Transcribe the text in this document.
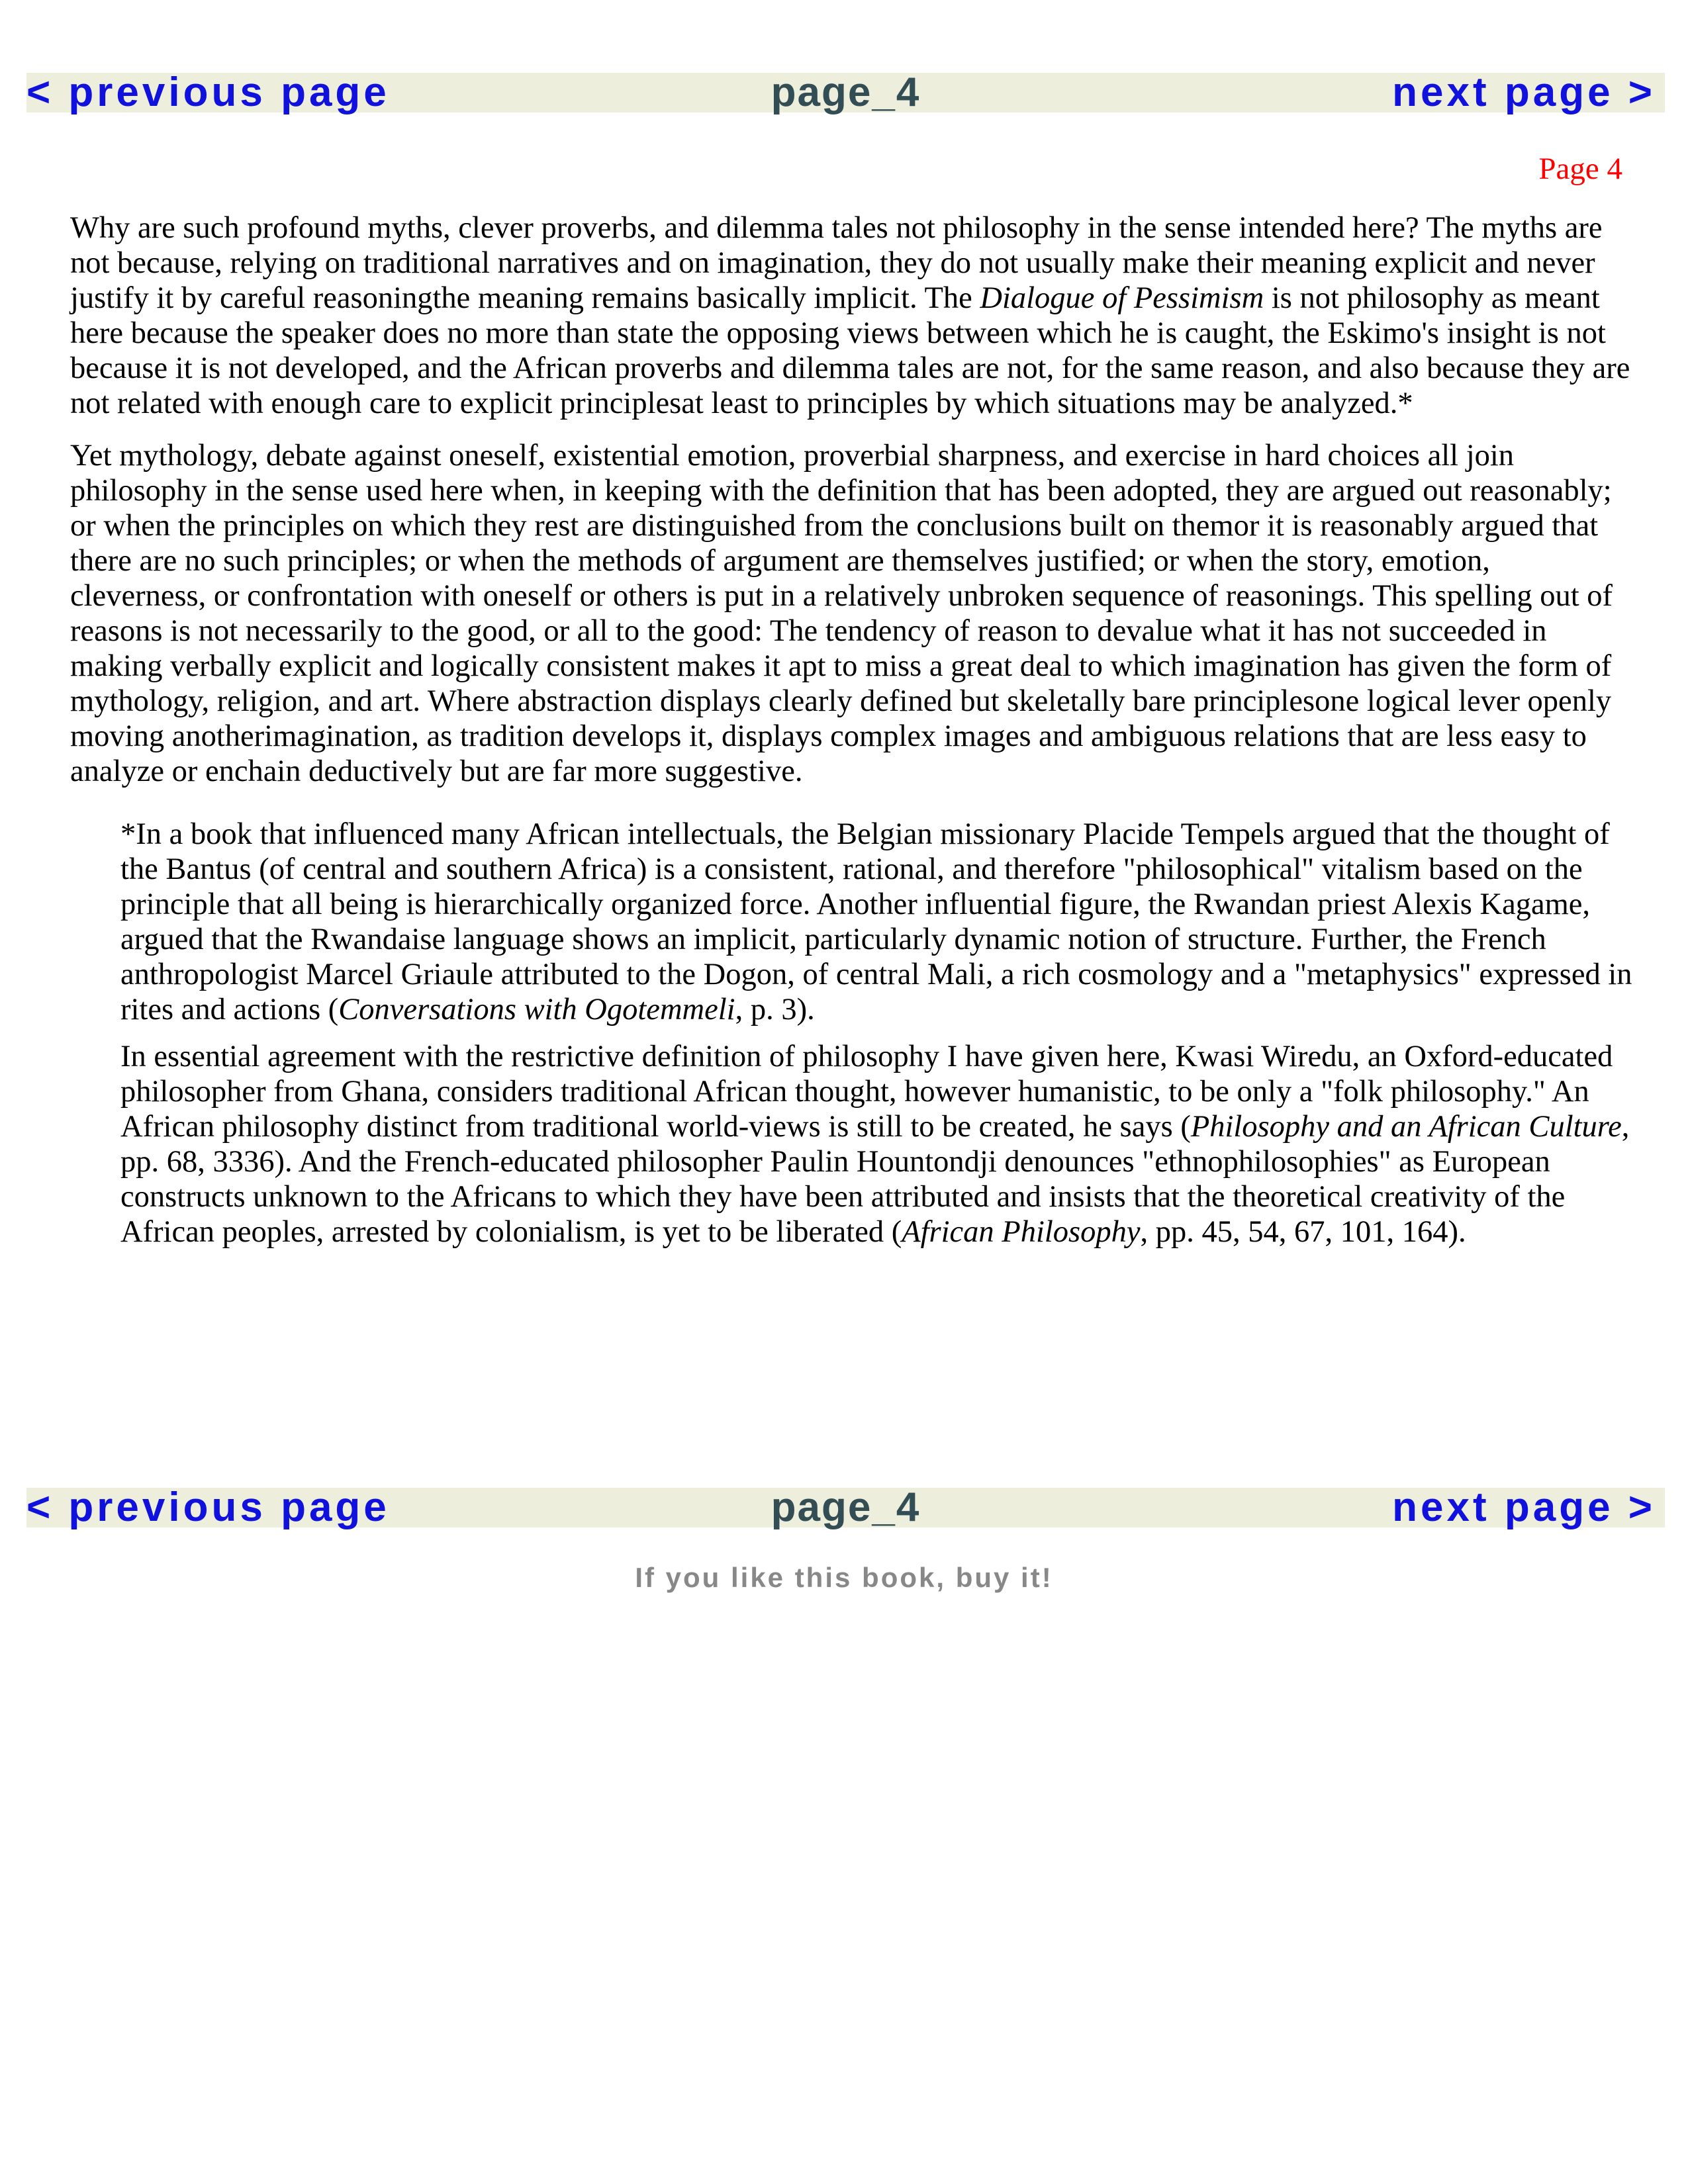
< previous page	page_4	next page >
Page 4

Why are such profound myths, clever proverbs, and dilemma tales not philosophy in the sense intended here? The myths are not because, relying on traditional narratives and on imagination, they do not usually make their meaning explicit and never justify it by careful reasoningthe meaning remains basically implicit. The Dialogue of Pessimism is not philosophy as meant here because the speaker does no more than state the opposing views between which he is caught, the Eskimo's insight is not because it is not developed, and the African proverbs and dilemma tales are not, for the same reason, and also because they are not related with enough care to explicit principlesat least to principles by which situations may be analyzed.*

Yet mythology, debate against oneself, existential emotion, proverbial sharpness, and exercise in hard choices all join philosophy in the sense used here when, in keeping with the definition that has been adopted, they are argued out reasonably; or when the principles on which they rest are distinguished from the conclusions built on themor it is reasonably argued that there are no such principles; or when the methods of argument are themselves justified; or when the story, emotion, cleverness, or confrontation with oneself or others is put in a relatively unbroken sequence of reasonings. This spelling out of reasons is not necessarily to the good, or all to the good: The tendency of reason to devalue what it has not succeeded in making verbally explicit and logically consistent makes it apt to miss a great deal to which imagination has given the form of mythology, religion, and art. Where abstraction displays clearly defined but skeletally bare principlesone logical lever openly moving anotherimagination, as tradition develops it, displays complex images and ambiguous relations that are less easy to analyze or enchain deductively but are far more suggestive.

*In a book that influenced many African intellectuals, the Belgian missionary Placide Tempels argued that the thought of the Bantus (of central and southern Africa) is a consistent, rational, and therefore "philosophical" vitalism based on the principle that all being is hierarchically organized force. Another influential figure, the Rwandan priest Alexis Kagame, argued that the Rwandaise language shows an implicit, particularly dynamic notion of structure. Further, the French anthropologist Marcel Griaule attributed to the Dogon, of central Mali, a rich cosmology and a "metaphysics" expressed in rites and actions (Conversations with Ogotemmeli, p. 3).

In essential agreement with the restrictive definition of philosophy I have given here, Kwasi Wiredu, an Oxford-educated philosopher from Ghana, considers traditional African thought, however humanistic, to be only a "folk philosophy." An African philosophy distinct from traditional world-views is still to be created, he says (Philosophy and an African Culture, pp. 68, 3336). And the French-educated philosopher Paulin Hountondji denounces "ethnophilosophies" as European constructs unknown to the Africans to which they have been attributed and insists that the theoretical creativity of the African peoples, arrested by colonialism, is yet to be liberated (African Philosophy, pp. 45, 54, 67, 101, 164).

< previous page	page_4	next page >
If you like this book, buy it!
